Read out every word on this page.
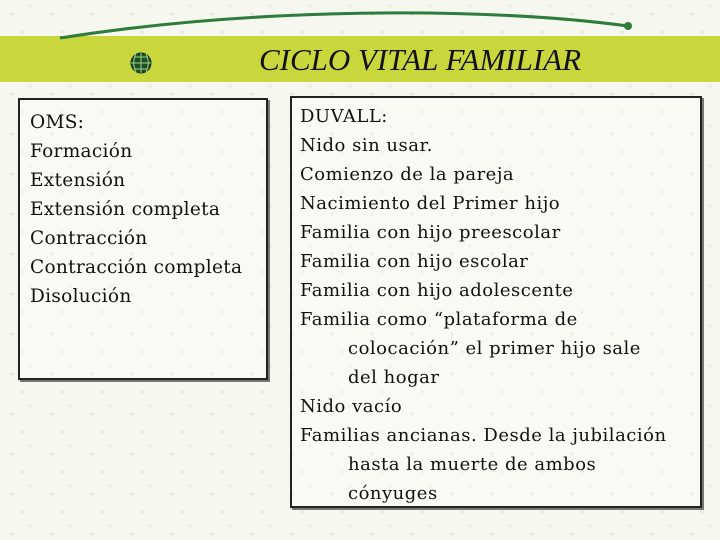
CICLO VITAL FAMILIAR
OMS:
Formación
Extensión
Extensión completa
Contracción
Contracción completa
Disolución
DUVALL:
Nido sin usar.
Comienzo de la pareja
Nacimiento del Primer hijo
Familia con hijo preescolar
Familia con hijo escolar
Familia con hijo adolescente
Familia como “plataforma de
colocación” el primer hijo sale
del hogar
Nido vacío
Familias ancianas. Desde la jubilación
hasta la muerte de ambos
cónyuges
